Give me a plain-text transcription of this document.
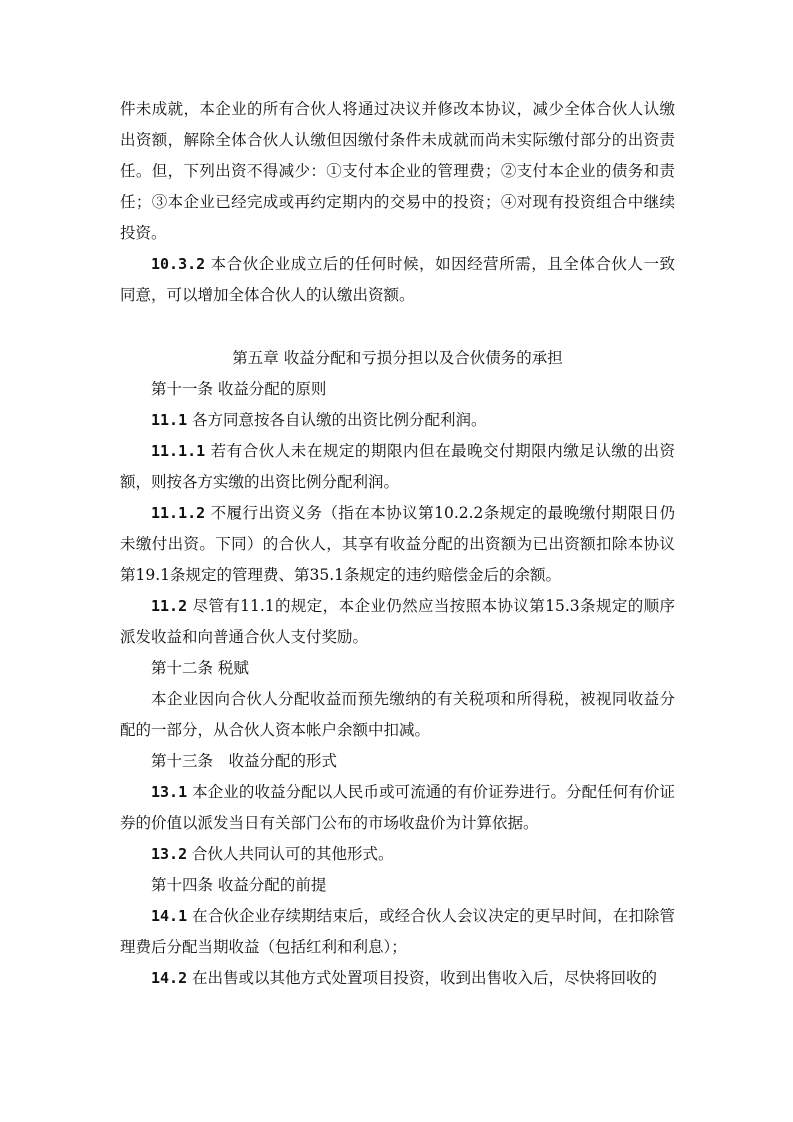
件未成就，本企业的所有合伙人将通过决议并修改本协议，减少全体合伙人认缴出资额，解除全体合伙人认缴但因缴付条件未成就而尚未实际缴付部分的出资责任。但，下列出资不得减少：①支付本企业的管理费；②支付本企业的债务和责任；③本企业已经完成或再约定期内的交易中的投资；④对现有投资组合中继续投资。

10.3.2 本合伙企业成立后的任何时候，如因经营所需，且全体合伙人一致同意，可以增加全体合伙人的认缴出资额。

第五章 收益分配和亏损分担以及合伙债务的承担

第十一条 收益分配的原则

11.1 各方同意按各自认缴的出资比例分配利润。

11.1.1 若有合伙人未在规定的期限内但在最晚交付期限内缴足认缴的出资额，则按各方实缴的出资比例分配利润。

11.1.2 不履行出资义务（指在本协议第10.2.2条规定的最晚缴付期限日仍未缴付出资。下同）的合伙人，其享有收益分配的出资额为已出资额扣除本协议第19.1条规定的管理费、第35.1条规定的违约赔偿金后的余额。

11.2 尽管有11.1的规定，本企业仍然应当按照本协议第15.3条规定的顺序派发收益和向普通合伙人支付奖励。

第十二条 税赋

本企业因向合伙人分配收益而预先缴纳的有关税项和所得税，被视同收益分配的一部分，从合伙人资本帐户余额中扣减。

第十三条　收益分配的形式

13.1 本企业的收益分配以人民币或可流通的有价证券进行。分配任何有价证券的价值以派发当日有关部门公布的市场收盘价为计算依据。

13.2 合伙人共同认可的其他形式。

第十四条 收益分配的前提

14.1 在合伙企业存续期结束后，或经合伙人会议决定的更早时间，在扣除管理费后分配当期收益（包括红利和利息）；

14.2 在出售或以其他方式处置项目投资，收到出售收入后，尽快将回收的
